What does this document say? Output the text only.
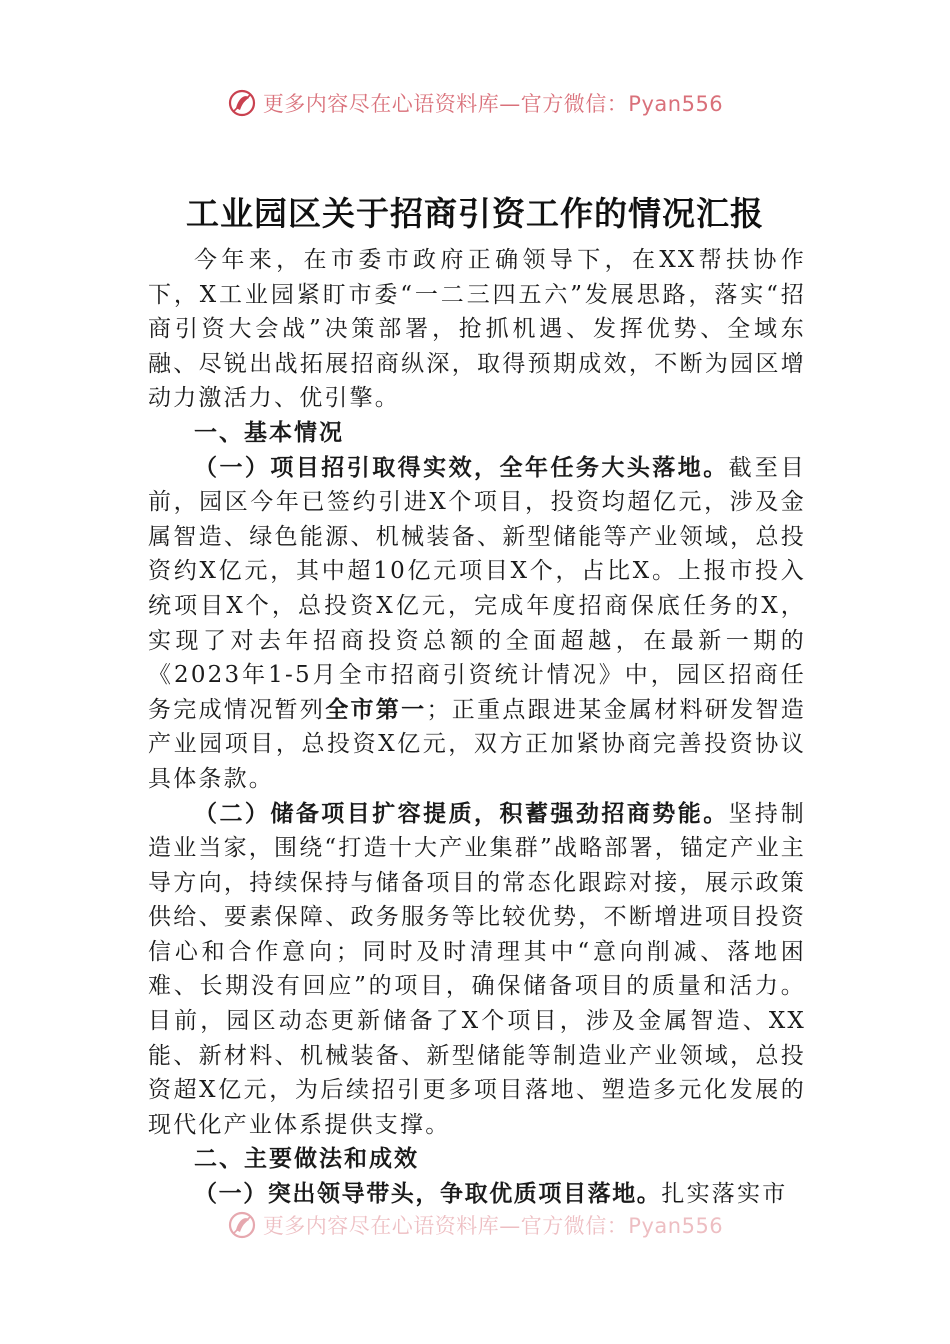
更多内容尽在心语资料库—官方微信：Pyan556
工业园区关于招商引资工作的情况汇报

今年来，在市委市政府正确领导下，在XX帮扶协作下，X工业园紧盯市委“一二三四五六”发展思路，落实“招商引资大会战”决策部署，抢抓机遇、发挥优势、全域东融、尽锐出战拓展招商纵深，取得预期成效，不断为园区增动力激活力、优引擎。

一、基本情况

（一）项目招引取得实效，全年任务大头落地。截至目前，园区今年已签约引进X个项目，投资均超亿元，涉及金属智造、绿色能源、机械装备、新型储能等产业领域，总投资约X亿元，其中超10亿元项目X个，占比X。上报市投入统项目X个，总投资X亿元，完成年度招商保底任务的X，实现了对去年招商投资总额的全面超越，在最新一期的《2023年1-5月全市招商引资统计情况》中，园区招商任务完成情况暂列全市第一；正重点跟进某金属材料研发智造产业园项目，总投资X亿元，双方正加紧协商完善投资协议具体条款。

（二）储备项目扩容提质，积蓄强劲招商势能。坚持制造业当家，围绕“打造十大产业集群”战略部署，锚定产业主导方向，持续保持与储备项目的常态化跟踪对接，展示政策供给、要素保障、政务服务等比较优势，不断增进项目投资信心和合作意向；同时及时清理其中“意向削减、落地困难、长期没有回应”的项目，确保储备项目的质量和活力。目前，园区动态更新储备了X个项目，涉及金属智造、XX能、新材料、机械装备、新型储能等制造业产业领域，总投资超X亿元，为后续招引更多项目落地、塑造多元化发展的现代化产业体系提供支撑。

二、主要做法和成效

（一）突出领导带头，争取优质项目落地。扎实落实市

更多内容尽在心语资料库—官方微信：Pyan556
